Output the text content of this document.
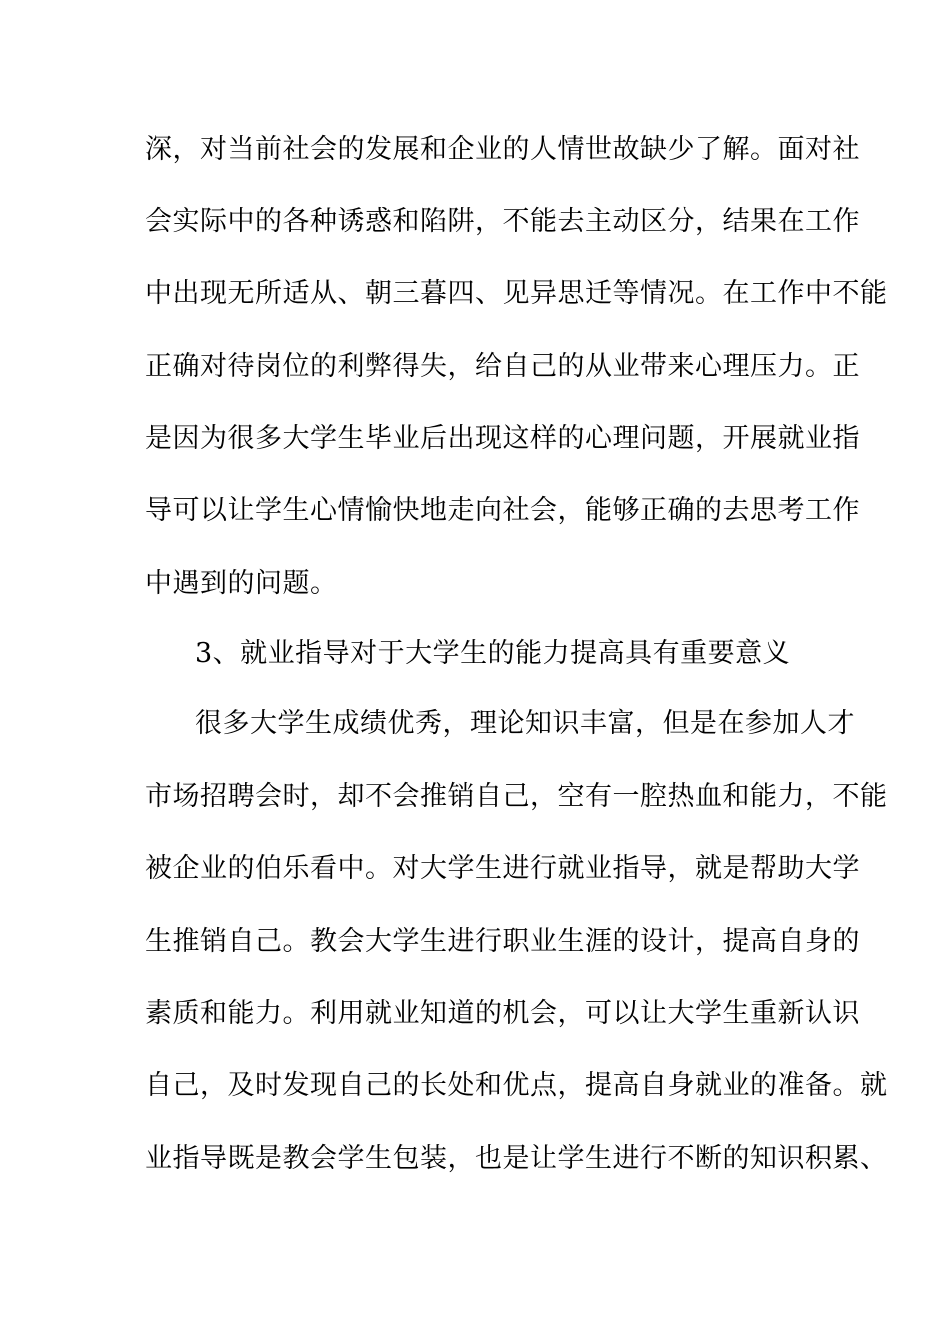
深，对当前社会的发展和企业的人情世故缺少了解。面对社
会实际中的各种诱惑和陷阱，不能去主动区分，结果在工作
中出现无所适从、朝三暮四、见异思迁等情况。在工作中不能
正确对待岗位的利弊得失，给自己的从业带来心理压力。正
是因为很多大学生毕业后出现这样的心理问题，开展就业指
导可以让学生心情愉快地走向社会，能够正确的去思考工作
中遇到的问题。
3、就业指导对于大学生的能力提高具有重要意义
很多大学生成绩优秀，理论知识丰富，但是在参加人才
市场招聘会时，却不会推销自己，空有一腔热血和能力，不能
被企业的伯乐看中。对大学生进行就业指导，就是帮助大学
生推销自己。教会大学生进行职业生涯的设计，提高自身的
素质和能力。利用就业知道的机会，可以让大学生重新认识
自己，及时发现自己的长处和优点，提高自身就业的准备。就
业指导既是教会学生包装，也是让学生进行不断的知识积累、
